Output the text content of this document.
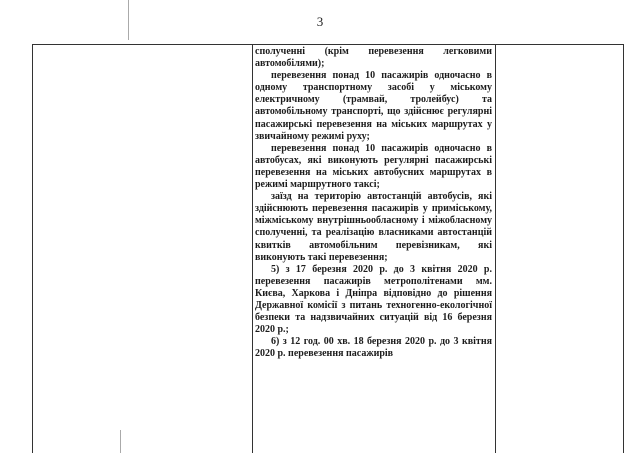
3

сполученні (крім перевезення легковими автомобілями);

перевезення понад 10 пасажирів одночасно в одному транспортному засобі у міському електричному (трамвай, тролейбус) та автомобільному транспорті, що здійснює регулярні пасажирські перевезення на міських маршрутах у звичайному режимі руху;

перевезення понад 10 пасажирів одночасно в автобусах, які виконують регулярні пасажирські перевезення на міських автобусних маршрутах в режимі маршрутного таксі;

заїзд на територію автостанцій автобусів, які здійснюють перевезення пасажирів у приміському, міжміському внутрішньообласному і міжобласному сполученні, та реалізацію власниками автостанцій квитків автомобільним перевізникам, які виконують такі перевезення;

5) з 17 березня 2020 р. до 3 квітня 2020 р. перевезення пасажирів метрополітенами мм. Києва, Харкова і Дніпра відповідно до рішення Державної комісії з питань техногенно-екологічної безпеки та надзвичайних ситуацій від 16 березня 2020 р.;

6) з 12 год. 00 хв. 18 березня 2020 р. до 3 квітня 2020 р. перевезення пасажирів
